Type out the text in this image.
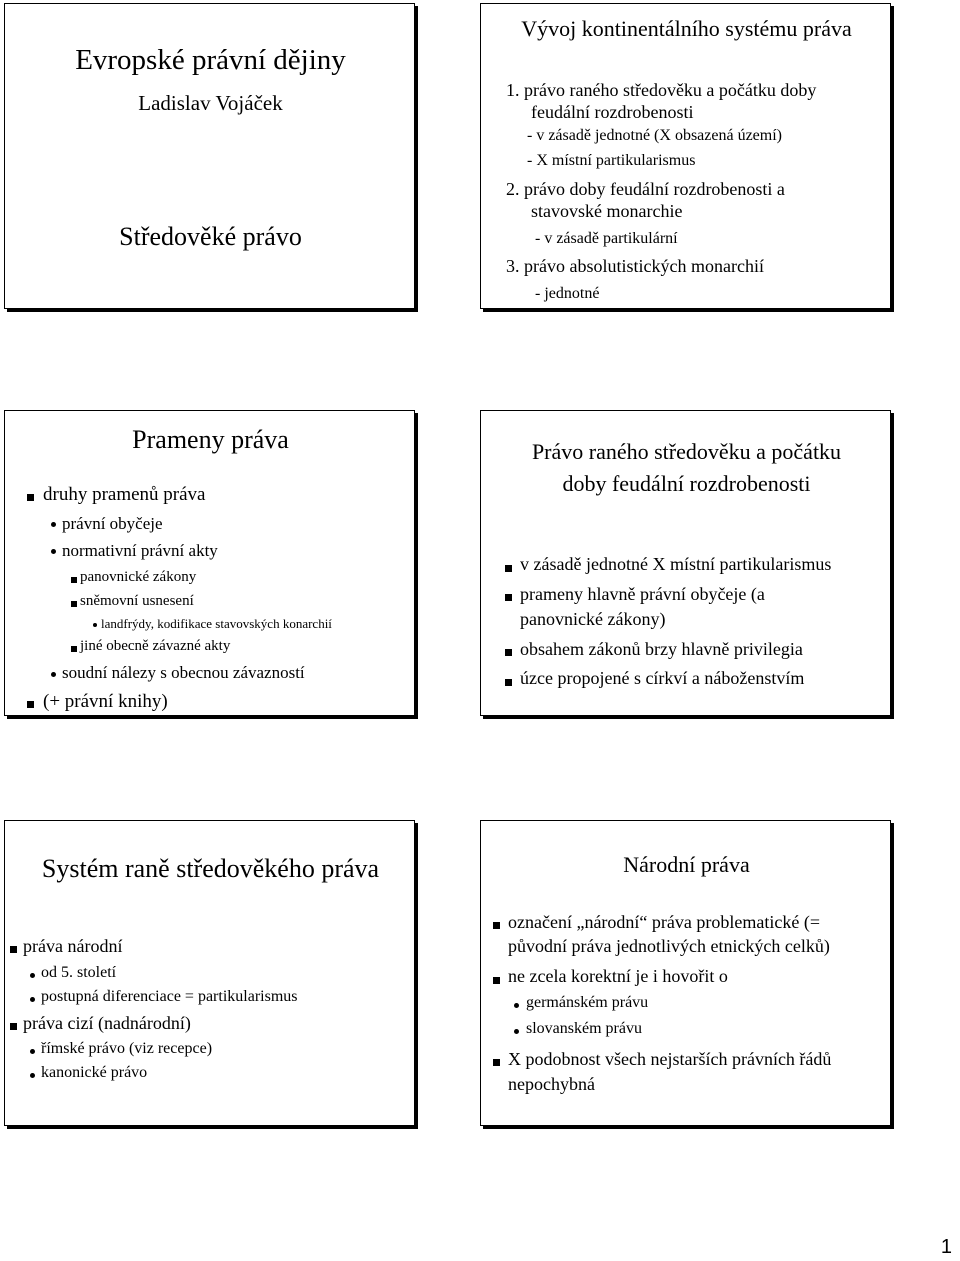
Evropské právní dějiny
Ladislav Vojáček
Středověké právo
Vývoj kontinentálního systému práva
1. právo raného středověku a počátku doby
feudální rozdrobenosti
- v zásadě jednotné (X obsazená území)
- X místní partikularismus
2. právo doby feudální rozdrobenosti a
stavovské monarchie
- v zásadě partikulární
3. právo absolutistických monarchií
- jednotné
Prameny práva
druhy pramenů práva
právní obyčeje
normativní právní akty
panovnické zákony
sněmovní usnesení
landfrýdy, kodifikace stavovských konarchií
jiné obecně závazné akty
soudní nálezy s obecnou závazností
(+ právní knihy)
Právo raného středověku a počátku
doby feudální rozdrobenosti
v zásadě jednotné X místní partikularismus
prameny hlavně právní obyčeje (a
panovnické zákony)
obsahem zákonů brzy hlavně privilegia
úzce propojené s církví a náboženstvím
Systém raně středověkého práva
práva národní
od 5. století
postupná diferenciace = partikularismus
práva cizí (nadnárodní)
římské právo (viz recepce)
kanonické právo
Národní práva
označení „národní“ práva problematické (=
původní práva jednotlivých etnických celků)
ne zcela korektní je i hovořit o
germánském právu
slovanském právu
X podobnost všech nejstarších právních řádů
nepochybná
1
